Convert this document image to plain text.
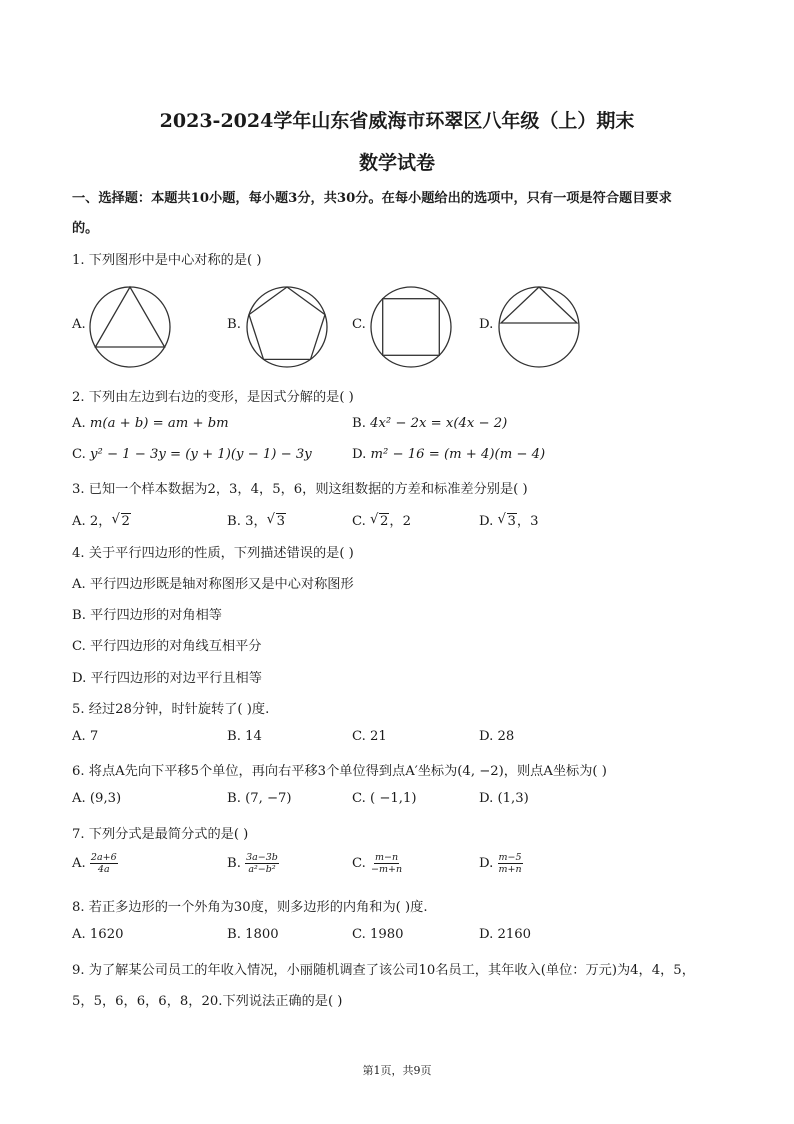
2023-2024学年山东省威海市环翠区八年级（上）期末
数学试卷
一、选择题：本题共10小题，每小题3分，共30分。在每小题给出的选项中，只有一项是符合题目要求
的。
1. 下列图形中是中心对称的是( )
A.	B.	C.	D.
2. 下列由左边到右边的变形，是因式分解的是( )
A. m(a + b) = am + bm	B. 4x² − 2x = x(4x − 2)
C. y² − 1 − 3y = (y + 1)(y − 1) − 3y	D. m² − 16 = (m + 4)(m − 4)
3. 已知一个样本数据为2，3，4，5，6，则这组数据的方差和标准差分别是( )
A. 2， √ 2	B. 3， √ 3	C. √ 2，2	D. √ 3，3
4. 关于平行四边形的性质，下列描述错误的是( )
A. 平行四边形既是轴对称图形又是中心对称图形
B. 平行四边形的对角相等
C. 平行四边形的对角线互相平分
D. 平行四边形的对边平行且相等
5. 经过28分钟，时针旋转了( )度.
A. 7	B. 14	C. 21	D. 28
6. 将点A先向下平移5个单位，再向右平移3个单位得到点A′坐标为(4, −2)，则点A坐标为( )
A. (9,3)	B. (7, −7)	C. ( −1,1)	D. (1,3)
7. 下列分式是最简分式的是( )
A. $\frac{2a+6}{4a}$	B. $\frac{3a-3b}{\text{a²−b²}}$	C. $\frac{m-n}{-m+n}$	D. $\frac{m-5}{m+n}$
8. 若正多边形的一个外角为30度，则多边形的内角和为( )度.
A. 1620	B. 1800	C. 1980	D. 2160
9. 为了解某公司员工的年收入情况，小丽随机调查了该公司10名员工，其年收入(单位：万元)为4，4，5，
5，5，6，6，6，8，20.下列说法正确的是( )
第1页，共9页
